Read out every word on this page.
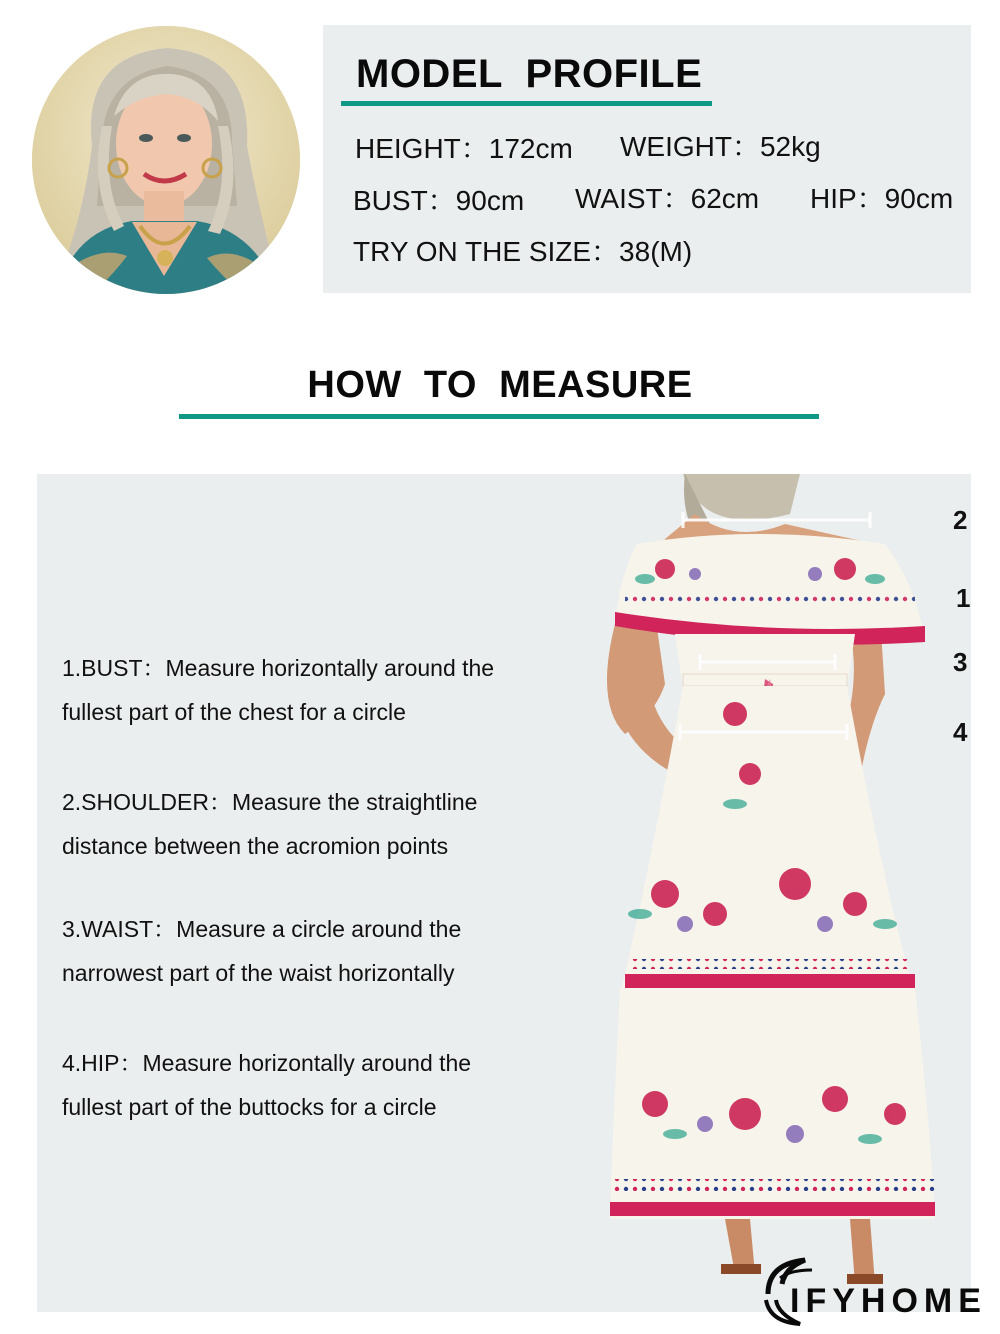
MODEL  PROFILE
HEIGHT：172cm WEIGHT：52kg
BUST：90cm WAIST：62cm HIP：90cm
TRY ON THE SIZE：38(M)
HOW  TO  MEASURE
1.BUST：Measure horizontally around the
fullest part of the chest for a circle
2.SHOULDER：Measure the straightline
distance between the acromion points
3.WAIST：Measure a circle around the
narrowest part of the waist horizontally
4.HIP：Measure horizontally around the
fullest part of the buttocks for a circle
2
1
3
4
IFYHOME
